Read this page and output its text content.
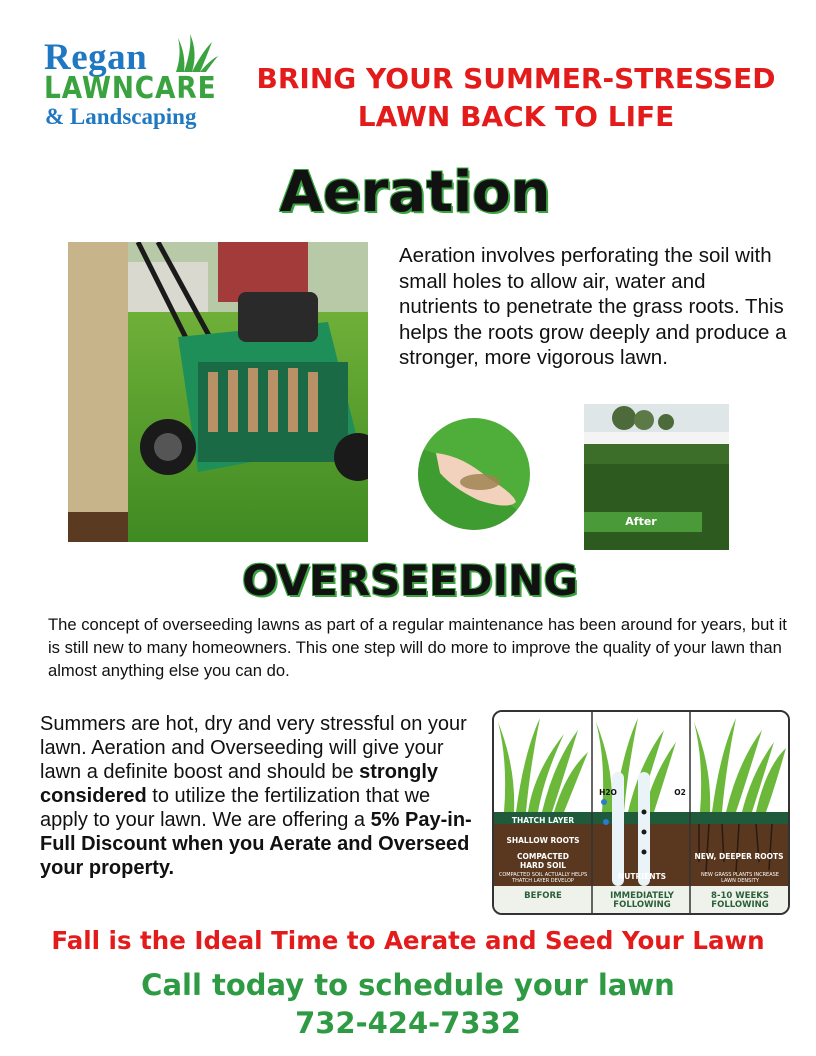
Regan
LAWNCARE
& Landscaping
BRING YOUR SUMMER-STRESSED
LAWN BACK TO LIFE
Aeration
Aeration involves perforating the soil with small holes to allow air, water and nutrients to penetrate the grass roots. This helps the roots grow deeply and produce a stronger, more vigorous lawn.
After
OVERSEEDING
The concept of overseeding lawns as part of a regular maintenance has been around for years, but it is still new to many homeowners. This one step will do more to improve the quality of your lawn than almost anything else you can do.
Summers are hot, dry and very stressful on your lawn. Aeration and Overseeding will give your lawn a definite boost and should be strongly considered to utilize the fertilization that we apply to your lawn. We are offering a 5% Pay-in-Full Discount when you Aerate and Overseed your property.
THATCH LAYER
SHALLOW ROOTS
COMPACTED HARD SOIL
COMPACTED SOIL ACTUALLY HELPS THATCH LAYER DEVELOP
H2O	O2
NUTRIENTS
NEW, DEEPER ROOTS
NEW GRASS PLANTS INCREASE LAWN DENSITY
BEFORE	IMMEDIATELY FOLLOWING
8-10 WEEKS FOLLOWING
Fall is the Ideal Time to Aerate and Seed Your Lawn
Call today to schedule your lawn
732-424-7332
